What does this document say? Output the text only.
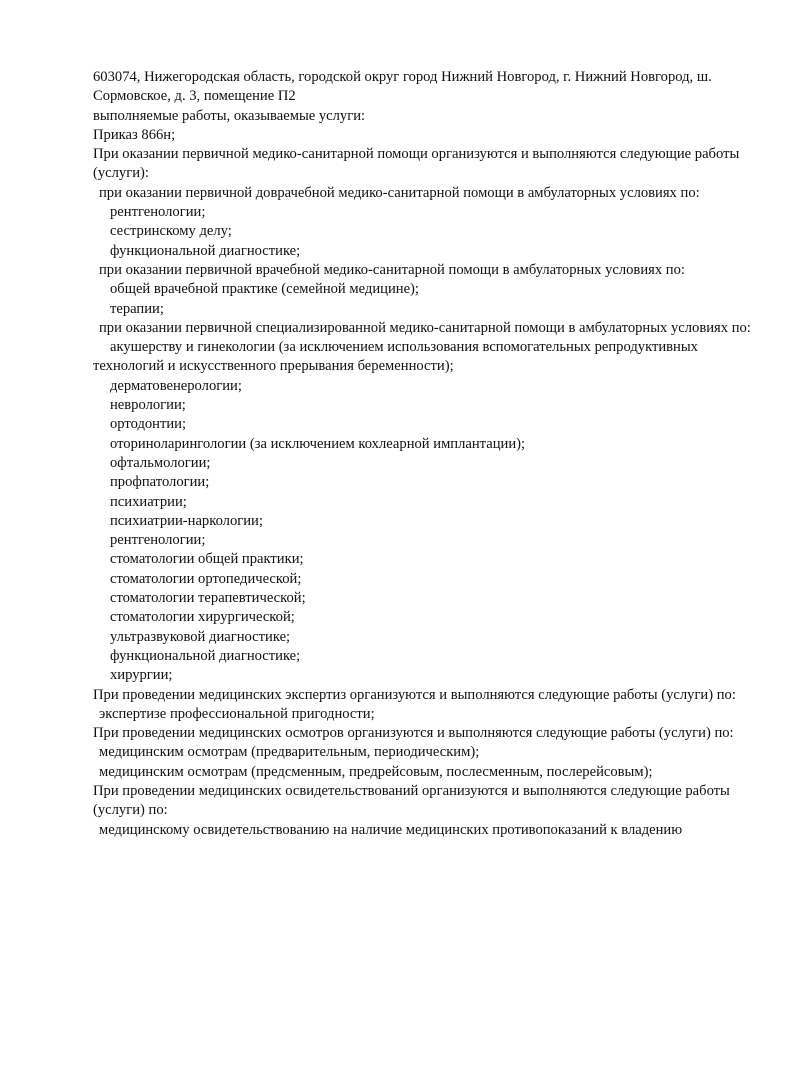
603074, Нижегородская область, городской округ город Нижний Новгород, г. Нижний Новгород, ш. Сормовское, д. 3, помещение П2

выполняемые работы, оказываемые услуги:

Приказ 866н;

При оказании первичной медико-санитарной помощи организуются и выполняются следующие работы (услуги):

при оказании первичной доврачебной медико-санитарной помощи в амбулаторных условиях по:

рентгенологии;

сестринскому делу;

функциональной диагностике;

при оказании первичной врачебной медико-санитарной помощи в амбулаторных условиях по:

общей врачебной практике (семейной медицине);

терапии;

при оказании первичной специализированной медико-санитарной помощи в амбулаторных условиях по:

акушерству и гинекологии (за исключением использования вспомогательных репродуктивных технологий и искусственного прерывания беременности);

дерматовенерологии;

неврологии;

ортодонтии;

оториноларингологии (за исключением кохлеарной имплантации);

офтальмологии;

профпатологии;

психиатрии;

психиатрии-наркологии;

рентгенологии;

стоматологии общей практики;

стоматологии ортопедической;

стоматологии терапевтической;

стоматологии хирургической;

ультразвуковой диагностике;

функциональной диагностике;

хирургии;

При проведении медицинских экспертиз организуются и выполняются следующие работы (услуги) по:

экспертизе профессиональной пригодности;

При проведении медицинских осмотров организуются и выполняются следующие работы (услуги) по:

медицинским осмотрам (предварительным, периодическим);

медицинским осмотрам (предсменным, предрейсовым, послесменным, послерейсовым);

При проведении медицинских освидетельствований организуются и выполняются следующие работы (услуги) по:

медицинскому освидетельствованию на наличие медицинских противопоказаний к владению
